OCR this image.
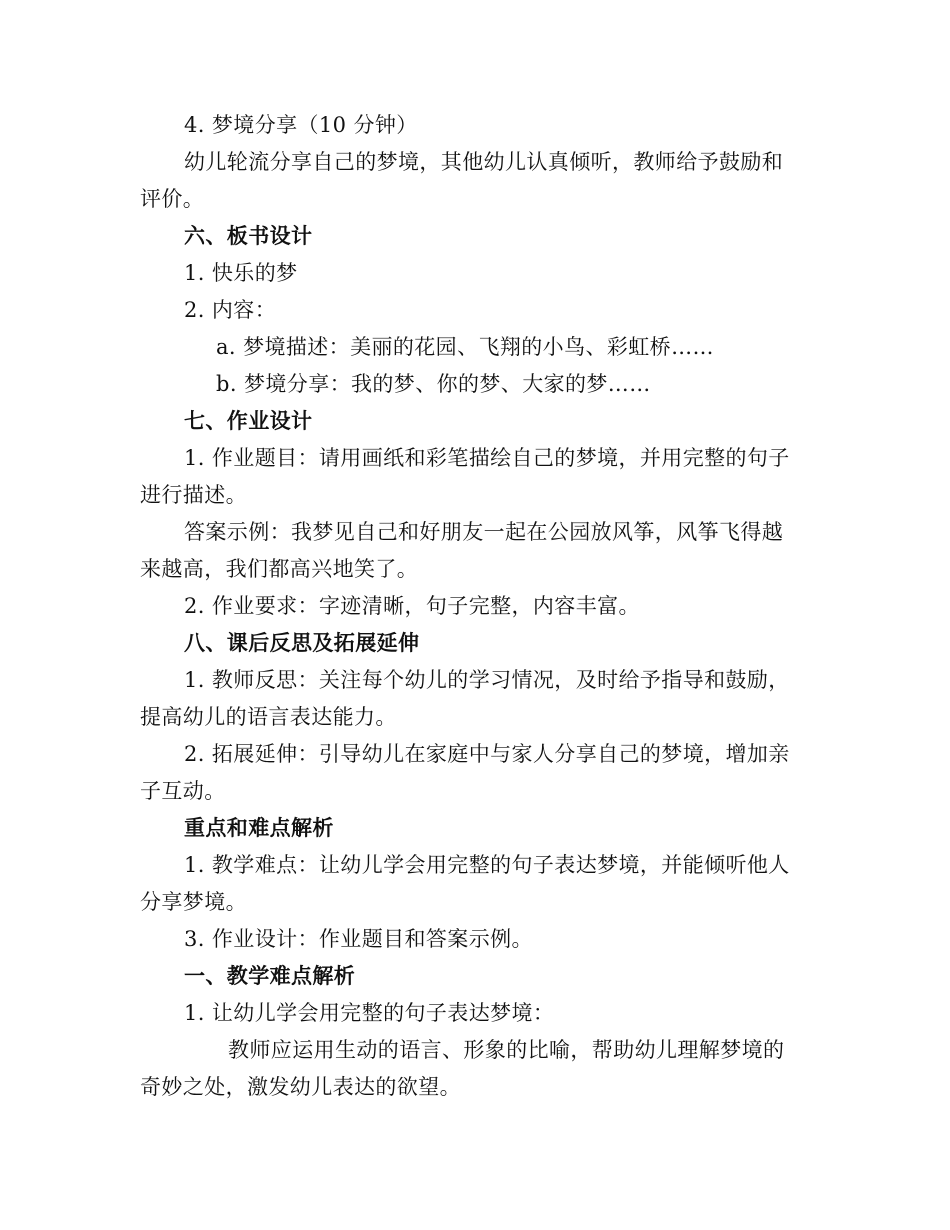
4. 梦境分享（10 分钟）
幼儿轮流分享自己的梦境，其他幼儿认真倾听，教师给予鼓励和
评价。
六、板书设计
1. 快乐的梦
2. 内容：
a. 梦境描述：美丽的花园、飞翔的小鸟、彩虹桥……
b. 梦境分享：我的梦、你的梦、大家的梦……
七、作业设计
1. 作业题目：请用画纸和彩笔描绘自己的梦境，并用完整的句子
进行描述。
答案示例：我梦见自己和好朋友一起在公园放风筝，风筝飞得越
来越高，我们都高兴地笑了。
2. 作业要求：字迹清晰，句子完整，内容丰富。
八、课后反思及拓展延伸
1. 教师反思：关注每个幼儿的学习情况，及时给予指导和鼓励，
提高幼儿的语言表达能力。
2. 拓展延伸：引导幼儿在家庭中与家人分享自己的梦境，增加亲
子互动。
重点和难点解析
1. 教学难点：让幼儿学会用完整的句子表达梦境，并能倾听他人
分享梦境。
3. 作业设计：作业题目和答案示例。
一、教学难点解析
1. 让幼儿学会用完整的句子表达梦境：
教师应运用生动的语言、形象的比喻，帮助幼儿理解梦境的
奇妙之处，激发幼儿表达的欲望。
